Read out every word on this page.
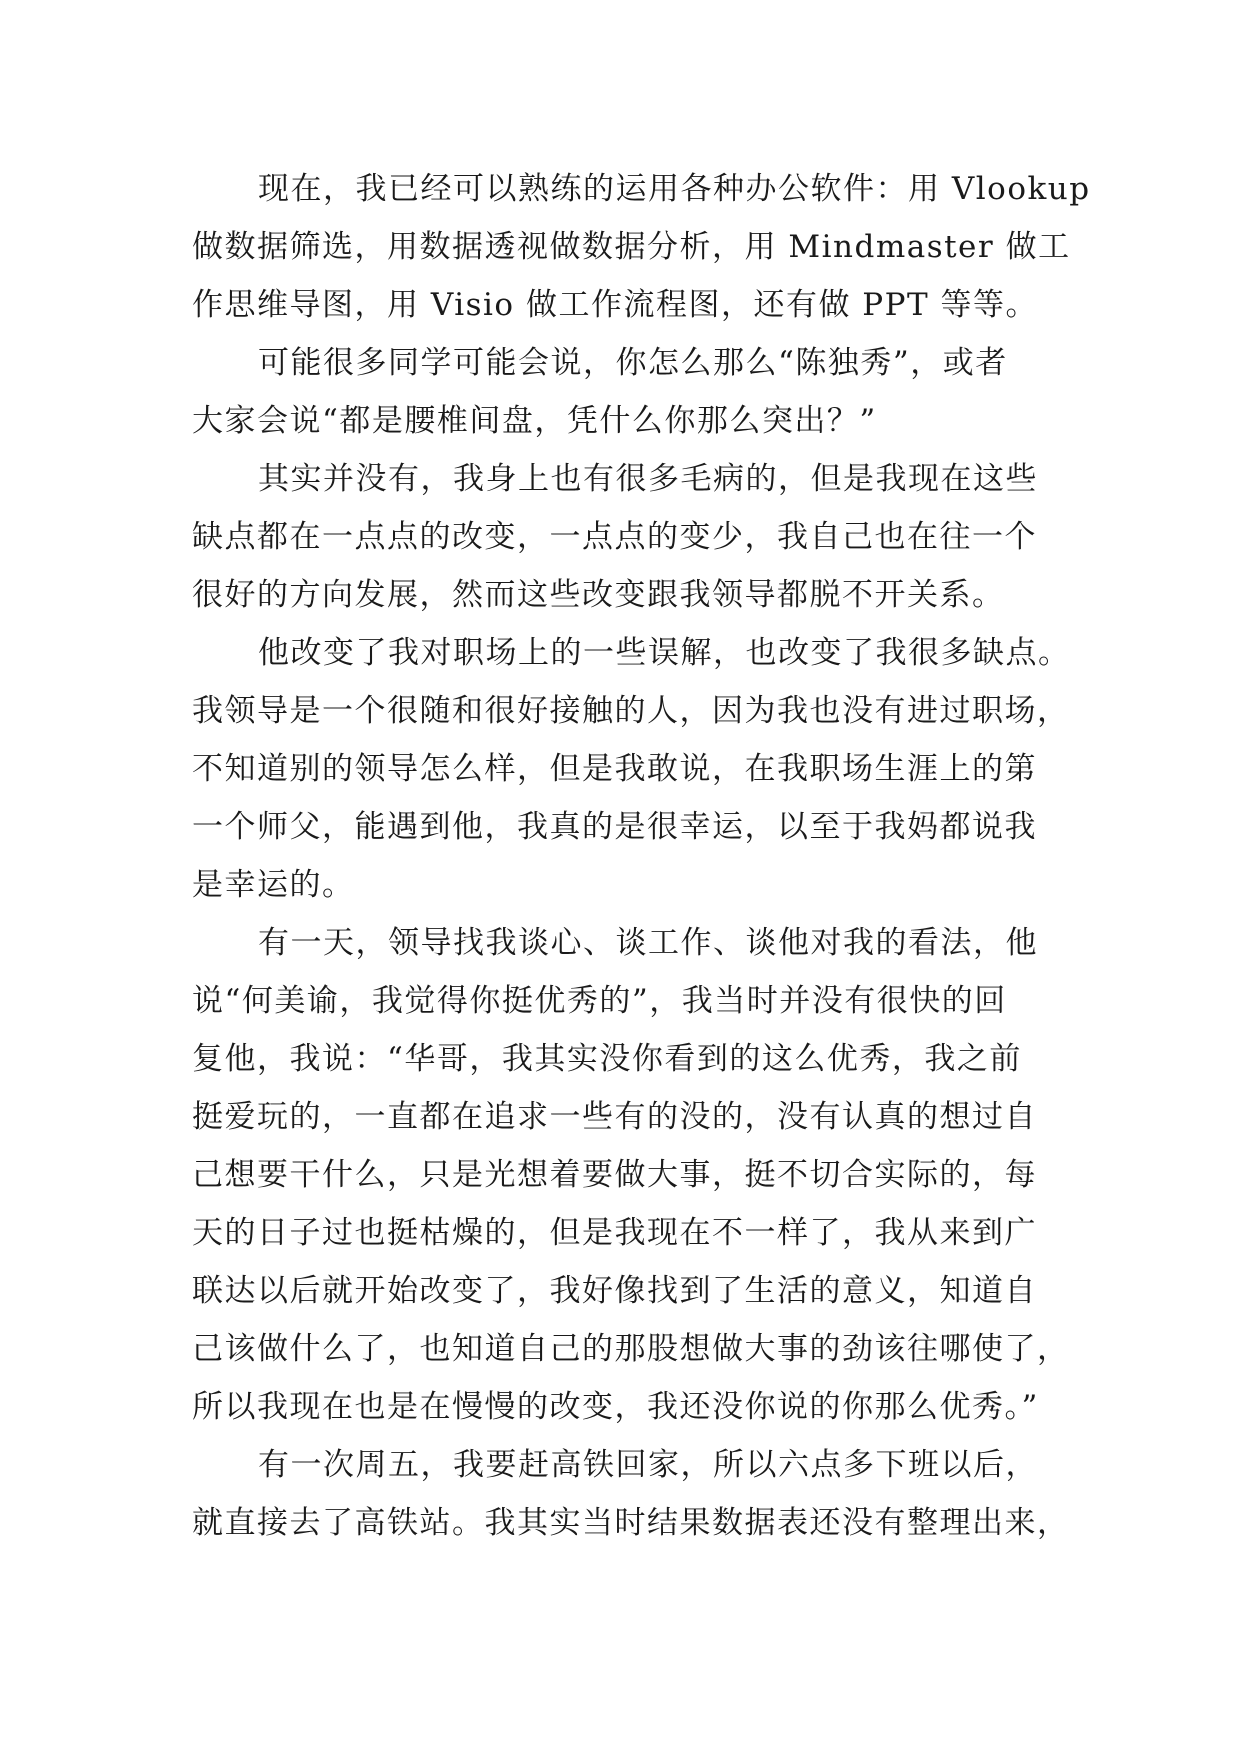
现在，我已经可以熟练的运用各种办公软件：用 Vlookup
做数据筛选，用数据透视做数据分析，用 Mindmaster 做工
作思维导图，用 Visio 做工作流程图，还有做 PPT 等等。
可能很多同学可能会说，你怎么那么“陈独秀”，或者
大家会说“都是腰椎间盘，凭什么你那么突出？”
其实并没有，我身上也有很多毛病的，但是我现在这些
缺点都在一点点的改变，一点点的变少，我自己也在往一个
很好的方向发展，然而这些改变跟我领导都脱不开关系。
他改变了我对职场上的一些误解，也改变了我很多缺点。
我领导是一个很随和很好接触的人，因为我也没有进过职场，
不知道别的领导怎么样，但是我敢说，在我职场生涯上的第
一个师父，能遇到他，我真的是很幸运，以至于我妈都说我
是幸运的。
有一天，领导找我谈心、谈工作、谈他对我的看法，他
说“何美谕，我觉得你挺优秀的”，我当时并没有很快的回
复他，我说：“华哥，我其实没你看到的这么优秀，我之前
挺爱玩的，一直都在追求一些有的没的，没有认真的想过自
己想要干什么，只是光想着要做大事，挺不切合实际的，每
天的日子过也挺枯燥的，但是我现在不一样了，我从来到广
联达以后就开始改变了，我好像找到了生活的意义，知道自
己该做什么了，也知道自己的那股想做大事的劲该往哪使了，
所以我现在也是在慢慢的改变，我还没你说的你那么优秀。”
有一次周五，我要赶高铁回家，所以六点多下班以后，
就直接去了高铁站。我其实当时结果数据表还没有整理出来，
